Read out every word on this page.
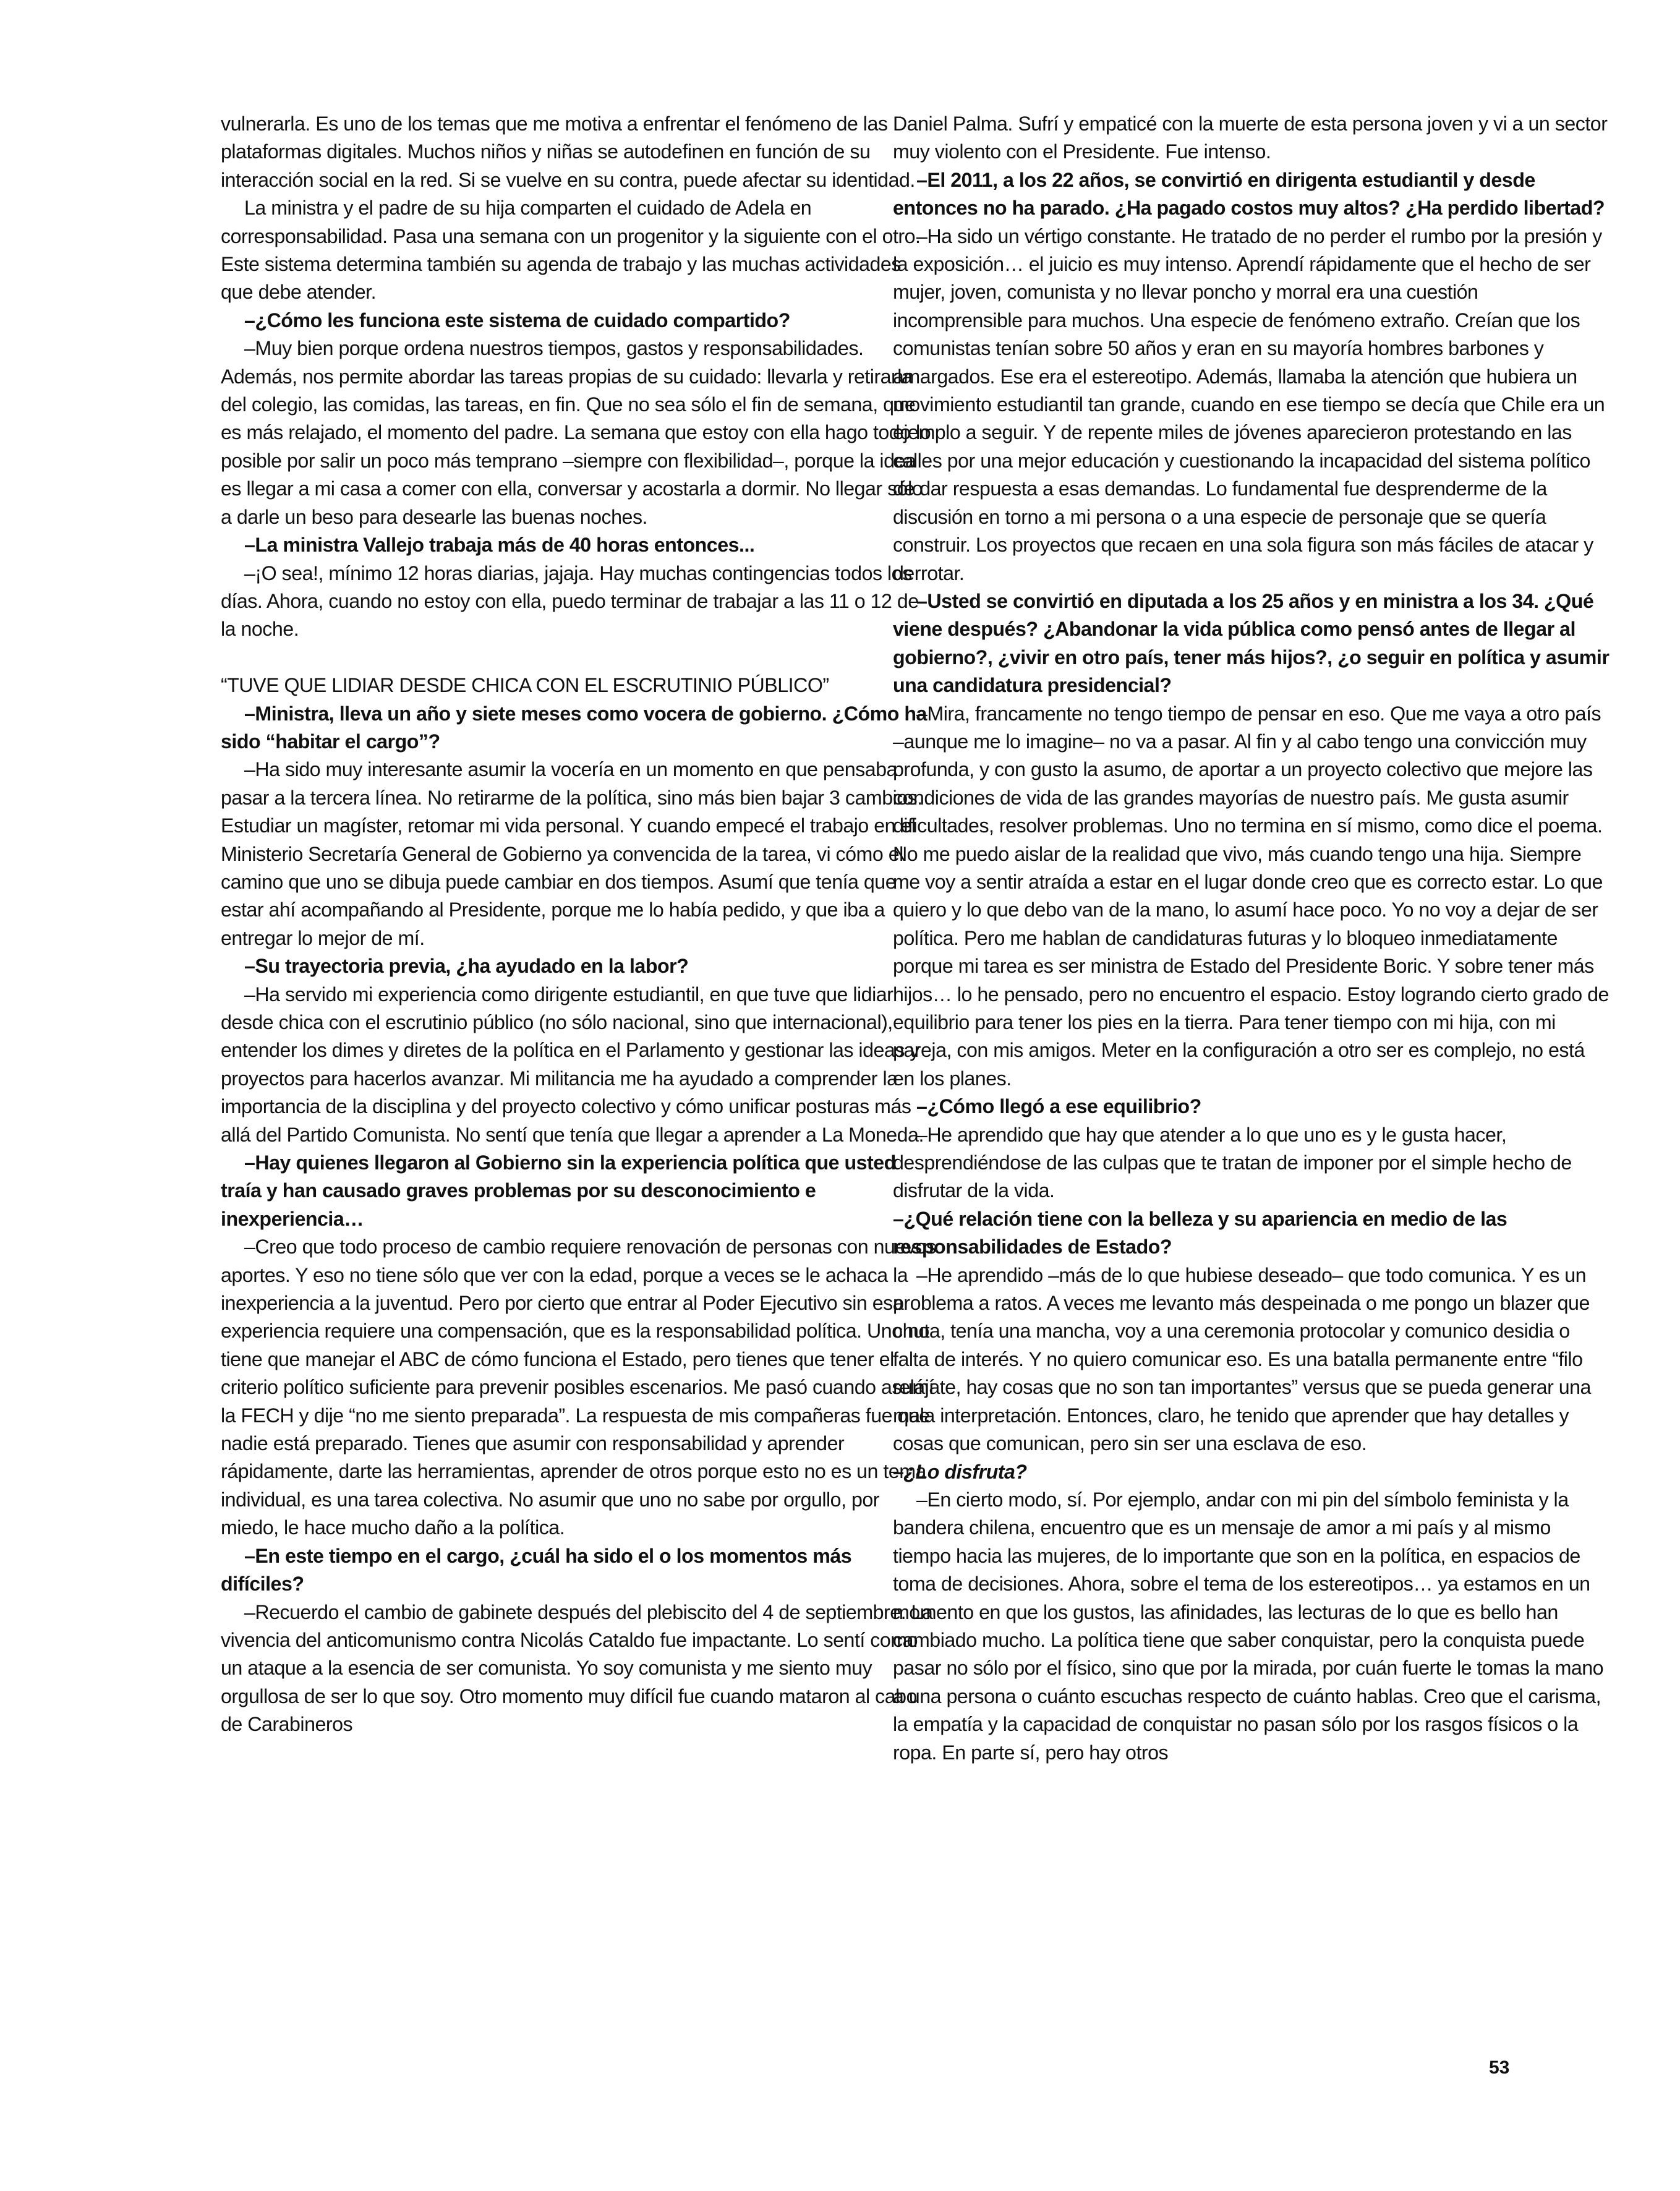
vulnerarla. Es uno de los temas que me motiva a enfrentar el fenómeno de las plataformas digitales. Muchos niños y niñas se autodefinen en función de su interacción social en la red. Si se vuelve en su contra, puede afectar su identidad.

La ministra y el padre de su hija comparten el cuidado de Adela en corresponsabilidad. Pasa una semana con un progenitor y la siguiente con el otro. Este sistema determina también su agenda de trabajo y las muchas actividades que debe atender.

–¿Cómo les funciona este sistema de cuidado compartido?

–Muy bien porque ordena nuestros tiempos, gastos y responsabilidades. Además, nos permite abordar las tareas propias de su cuidado: llevarla y retirarla del colegio, las comidas, las tareas, en fin. Que no sea sólo el fin de semana, que es más relajado, el momento del padre. La semana que estoy con ella hago todo lo posible por salir un poco más temprano –siempre con flexibilidad–, porque la idea es llegar a mi casa a comer con ella, conversar y acostarla a dormir. No llegar sólo a darle un beso para desearle las buenas noches.

–La ministra Vallejo trabaja más de 40 horas entonces...

–¡O sea!, mínimo 12 horas diarias, jajaja. Hay muchas contingencias todos los días. Ahora, cuando no estoy con ella, puedo terminar de trabajar a las 11 o 12 de la noche.

“TUVE QUE LIDIAR DESDE CHICA CON EL ESCRUTINIO PÚBLICO”

–Ministra, lleva un año y siete meses como vocera de gobierno. ¿Cómo ha sido “habitar el cargo”?

–Ha sido muy interesante asumir la vocería en un momento en que pensaba pasar a la tercera línea. No retirarme de la política, sino más bien bajar 3 cambios. Estudiar un magíster, retomar mi vida personal. Y cuando empecé el trabajo en el Ministerio Secretaría General de Gobierno ya convencida de la tarea, vi cómo el camino que uno se dibuja puede cambiar en dos tiempos. Asumí que tenía que estar ahí acompañando al Presidente, porque me lo había pedido, y que iba a entregar lo mejor de mí.

–Su trayectoria previa, ¿ha ayudado en la labor?

–Ha servido mi experiencia como dirigente estudiantil, en que tuve que lidiar desde chica con el escrutinio público (no sólo nacional, sino que internacional), entender los dimes y diretes de la política en el Parlamento y gestionar las ideas y proyectos para hacerlos avanzar. Mi militancia me ha ayudado a comprender la importancia de la disciplina y del proyecto colectivo y cómo unificar posturas más allá del Partido Comunista. No sentí que tenía que llegar a aprender a La Moneda.

–Hay quienes llegaron al Gobierno sin la experiencia política que usted traía y han causado graves problemas por su desconocimiento e inexperiencia…

–Creo que todo proceso de cambio requiere renovación de personas con nuevos aportes. Y eso no tiene sólo que ver con la edad, porque a veces se le achaca la inexperiencia a la juventud. Pero por cierto que entrar al Poder Ejecutivo sin esa experiencia requiere una compensación, que es la responsabilidad política. Uno no tiene que manejar el ABC de cómo funciona el Estado, pero tienes que tener el criterio político suficiente para prevenir posibles escenarios. Me pasó cuando asumí la FECH y dije “no me siento preparada”. La respuesta de mis compañeras fue que nadie está preparado. Tienes que asumir con responsabilidad y aprender rápidamente, darte las herramientas, aprender de otros porque esto no es un tema individual, es una tarea colectiva. No asumir que uno no sabe por orgullo, por miedo, le hace mucho daño a la política.

–En este tiempo en el cargo, ¿cuál ha sido el o los momentos más difíciles?

–Recuerdo el cambio de gabinete después del plebiscito del 4 de septiembre. La vivencia del anticomunismo contra Nicolás Cataldo fue impactante. Lo sentí como un ataque a la esencia de ser comunista. Yo soy comunista y me siento muy orgullosa de ser lo que soy. Otro momento muy difícil fue cuando mataron al cabo de Carabineros

Daniel Palma. Sufrí y empaticé con la muerte de esta persona joven y vi a un sector muy violento con el Presidente. Fue intenso.

–El 2011, a los 22 años, se convirtió en dirigenta estudiantil y desde entonces no ha parado. ¿Ha pagado costos muy altos? ¿Ha perdido libertad?

–Ha sido un vértigo constante. He tratado de no perder el rumbo por la presión y la exposición… el juicio es muy intenso. Aprendí rápidamente que el hecho de ser mujer, joven, comunista y no llevar poncho y morral era una cuestión incomprensible para muchos. Una especie de fenómeno extraño. Creían que los comunistas tenían sobre 50 años y eran en su mayoría hombres barbones y amargados. Ese era el estereotipo. Además, llamaba la atención que hubiera un movimiento estudiantil tan grande, cuando en ese tiempo se decía que Chile era un ejemplo a seguir. Y de repente miles de jóvenes aparecieron protestando en las calles por una mejor educación y cuestionando la incapacidad del sistema político de dar respuesta a esas demandas. Lo fundamental fue desprenderme de la discusión en torno a mi persona o a una especie de personaje que se quería construir. Los proyectos que recaen en una sola figura son más fáciles de atacar y derrotar.

–Usted se convirtió en diputada a los 25 años y en ministra a los 34. ¿Qué viene después? ¿Abandonar la vida pública como pensó antes de llegar al gobierno?, ¿vivir en otro país, tener más hijos?, ¿o seguir en política y asumir una candidatura presidencial?

–Mira, francamente no tengo tiempo de pensar en eso. Que me vaya a otro país –aunque me lo imagine– no va a pasar. Al fin y al cabo tengo una convicción muy profunda, y con gusto la asumo, de aportar a un proyecto colectivo que mejore las condiciones de vida de las grandes mayorías de nuestro país. Me gusta asumir dificultades, resolver problemas. Uno no termina en sí mismo, como dice el poema. No me puedo aislar de la realidad que vivo, más cuando tengo una hija. Siempre me voy a sentir atraída a estar en el lugar donde creo que es correcto estar. Lo que quiero y lo que debo van de la mano, lo asumí hace poco. Yo no voy a dejar de ser política. Pero me hablan de candidaturas futuras y lo bloqueo inmediatamente porque mi tarea es ser ministra de Estado del Presidente Boric. Y sobre tener más hijos… lo he pensado, pero no encuentro el espacio. Estoy logrando cierto grado de equilibrio para tener los pies en la tierra. Para tener tiempo con mi hija, con mi pareja, con mis amigos. Meter en la configuración a otro ser es complejo, no está en los planes.

–¿Cómo llegó a ese equilibrio?

–He aprendido que hay que atender a lo que uno es y le gusta hacer, desprendiéndose de las culpas que te tratan de imponer por el simple hecho de disfrutar de la vida.

–¿Qué relación tiene con la belleza y su apariencia en medio de las responsabilidades de Estado?

–He aprendido –más de lo que hubiese deseado– que todo comunica. Y es un problema a ratos. A veces me levanto más despeinada o me pongo un blazer que chuta, tenía una mancha, voy a una ceremonia protocolar y comunico desidia o falta de interés. Y no quiero comunicar eso. Es una batalla permanente entre “filo relájate, hay cosas que no son tan importantes” versus que se pueda generar una mala interpretación. Entonces, claro, he tenido que aprender que hay detalles y cosas que comunican, pero sin ser una esclava de eso.

–¿Lo disfruta?

–En cierto modo, sí. Por ejemplo, andar con mi pin del símbolo feminista y la bandera chilena, encuentro que es un mensaje de amor a mi país y al mismo tiempo hacia las mujeres, de lo importante que son en la política, en espacios de toma de decisiones. Ahora, sobre el tema de los estereotipos… ya estamos en un momento en que los gustos, las afinidades, las lecturas de lo que es bello han cambiado mucho. La política tiene que saber conquistar, pero la conquista puede pasar no sólo por el físico, sino que por la mirada, por cuán fuerte le tomas la mano a una persona o cuánto escuchas respecto de cuánto hablas. Creo que el carisma, la empatía y la capacidad de conquistar no pasan sólo por los rasgos físicos o la ropa. En parte sí, pero hay otros

53
